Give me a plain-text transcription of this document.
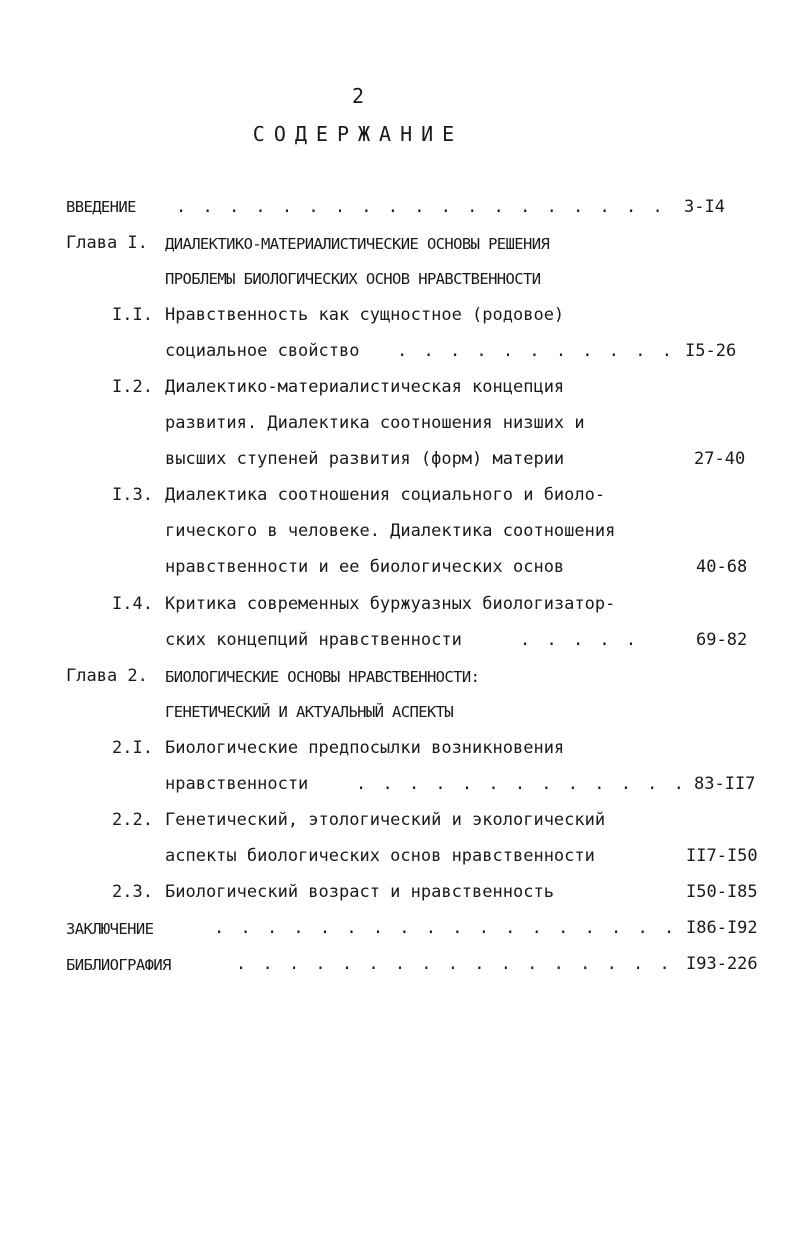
2
СОДЕРЖАНИЕ
ВВЕДЕНИЕ . . . . . . . . . . . . . . . . . . . 3-I4
Глава I. ДИАЛЕКТИКО-МАТЕРИАЛИСТИЧЕСКИЕ ОСНОВЫ РЕШЕНИЯ
ПРОБЛЕМЫ БИОЛОГИЧЕСКИХ ОСНОВ НРАВСТВЕННОСТИ
I.I. Нравственность как сущностное (родовое)
социальное свойство . . . . . . . . . . . I5-26
I.2. Диалектико-материалистическая концепция
развития. Диалектика соотношения низших и
высших ступеней развития (форм) материи	27-40
I.3. Диалектика соотношения социального и биоло-
гического в человеке. Диалектика соотношения
нравственности и ее биологических основ	40-68
I.4. Критика современных буржуазных биологизатор-
ских концепций нравственности	. . . . .	69-82
Глава 2. БИОЛОГИЧЕСКИЕ ОСНОВЫ НРАВСТВЕННОСТИ:
ГЕНЕТИЧЕСКИЙ И АКТУАЛЬНЫЙ АСПЕКТЫ
2.I. Биологические предпосылки возникновения
нравственности	. . . . . . . . . . . . . 83-II7
2.2. Генетический, этологический и экологический
аспекты биологических основ нравственности	II7-I50
2.3. Биологический возраст и нравственность	I50-I85
ЗАКЛЮЧЕНИЕ	. . . . . . . . . . . . . . . . . . I86-I92
БИБЛИОГРАФИЯ	. . . . . . . . . . . . . . . . . I93-226
